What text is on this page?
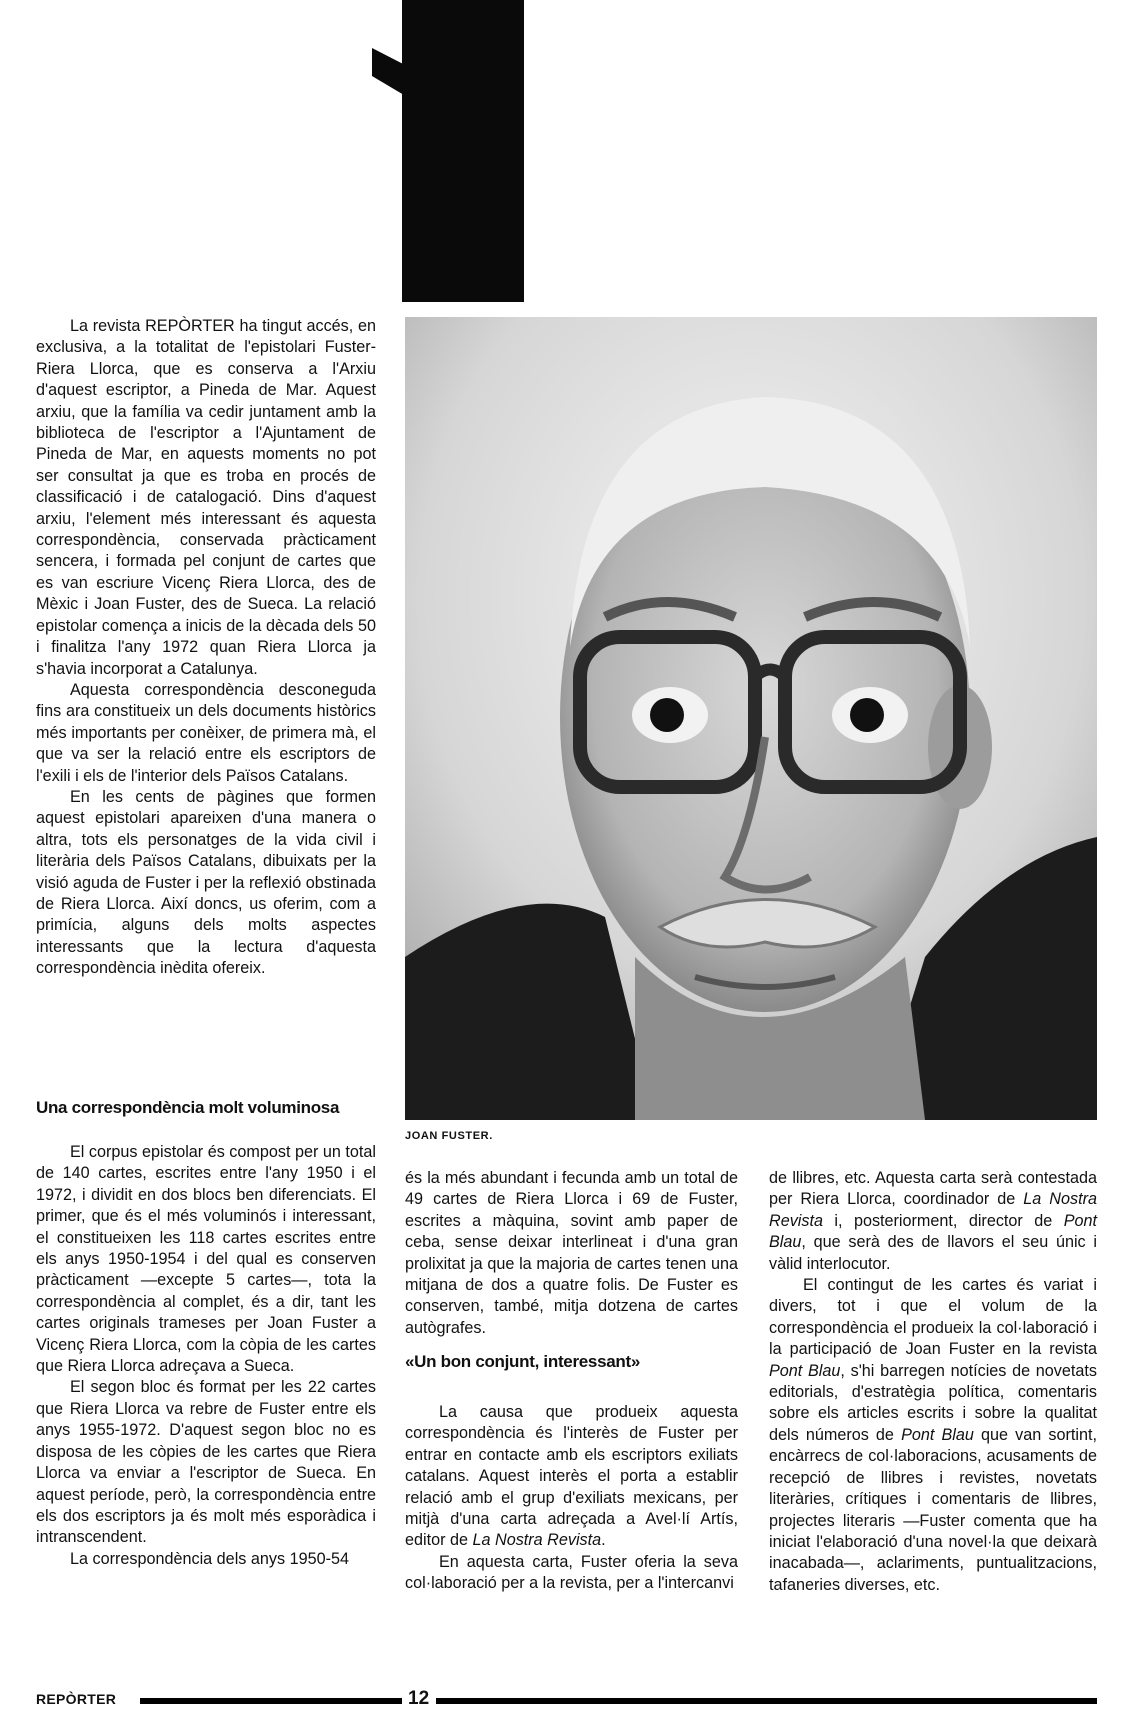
La revista REPÒRTER ha tingut accés, en exclusiva, a la totalitat de l'epistolari Fuster-Riera Llorca, que es conserva a l'Arxiu d'aquest escriptor, a Pineda de Mar. Aquest arxiu, que la família va cedir juntament amb la biblioteca de l'escriptor a l'Ajuntament de Pineda de Mar, en aquests moments no pot ser consultat ja que es troba en procés de classificació i de catalogació. Dins d'aquest arxiu, l'element més interessant és aquesta correspondència, conservada pràcticament sencera, i formada pel conjunt de cartes que es van escriure Vicenç Riera Llorca, des de Mèxic i Joan Fuster, des de Sueca. La relació epistolar comença a inicis de la dècada dels 50 i finalitza l'any 1972 quan Riera Llorca ja s'havia incorporat a Catalunya.

Aquesta correspondència desconeguda fins ara constitueix un dels documents històrics més importants per conèixer, de primera mà, el que va ser la relació entre els escriptors de l'exili i els de l'interior dels Països Catalans.

En les cents de pàgines que formen aquest epistolari apareixen d'una manera o altra, tots els personatges de la vida civil i literària dels Països Catalans, dibuixats per la visió aguda de Fuster i per la reflexió obstinada de Riera Llorca. Així doncs, us oferim, com a primícia, alguns dels molts aspectes interessants que la lectura d'aquesta correspondència inèdita ofereix.

Una correspondència molt voluminosa

El corpus epistolar és compost per un total de 140 cartes, escrites entre l'any 1950 i el 1972, i dividit en dos blocs ben diferenciats. El primer, que és el més voluminós i interessant, el constitueixen les 118 cartes escrites entre els anys 1950-1954 i del qual es conserven pràcticament —excepte 5 cartes—, tota la correspondència al complet, és a dir, tant les cartes originals trameses per Joan Fuster a Vicenç Riera Llorca, com la còpia de les cartes que Riera Llorca adreçava a Sueca.

El segon bloc és format per les 22 cartes que Riera Llorca va rebre de Fuster entre els anys 1955-1972. D'aquest segon bloc no es disposa de les còpies de les cartes que Riera Llorca va enviar a l'escriptor de Sueca. En aquest període, però, la correspondència entre els dos escriptors ja és molt més esporàdica i intranscendent.

La correspondència dels anys 1950-54

JOAN FUSTER.

és la més abundant i fecunda amb un total de 49 cartes de Riera Llorca i 69 de Fuster, escrites a màquina, sovint amb paper de ceba, sense deixar interlineat i d'una gran prolixitat ja que la majoria de cartes tenen una mitjana de dos a quatre folis. De Fuster es conserven, també, mitja dotzena de cartes autògrafes.

«Un bon conjunt, interessant»

La causa que produeix aquesta correspondència és l'interès de Fuster per entrar en contacte amb els escriptors exiliats catalans. Aquest interès el porta a establir relació amb el grup d'exiliats mexicans, per mitjà d'una carta adreçada a Avel·lí Artís, editor de La Nostra Revista.

En aquesta carta, Fuster oferia la seva col·laboració per a la revista, per a l'intercanvi

de llibres, etc. Aquesta carta serà contestada per Riera Llorca, coordinador de La Nostra Revista i, posteriorment, director de Pont Blau, que serà des de llavors el seu únic i vàlid interlocutor.

El contingut de les cartes és variat i divers, tot i que el volum de la correspondència el produeix la col·laboració i la participació de Joan Fuster en la revista Pont Blau, s'hi barregen notícies de novetats editorials, d'estratègia política, comentaris sobre els articles escrits i sobre la qualitat dels números de Pont Blau que van sortint, encàrrecs de col·laboracions, acusaments de recepció de llibres i revistes, novetats literàries, crítiques i comentaris de llibres, projectes literaris —Fuster comenta que ha iniciat l'elaboració d'una novel·la que deixarà inacabada—, aclariments, puntualitzacions, tafaneries diverses, etc.

REPÒRTER	12
